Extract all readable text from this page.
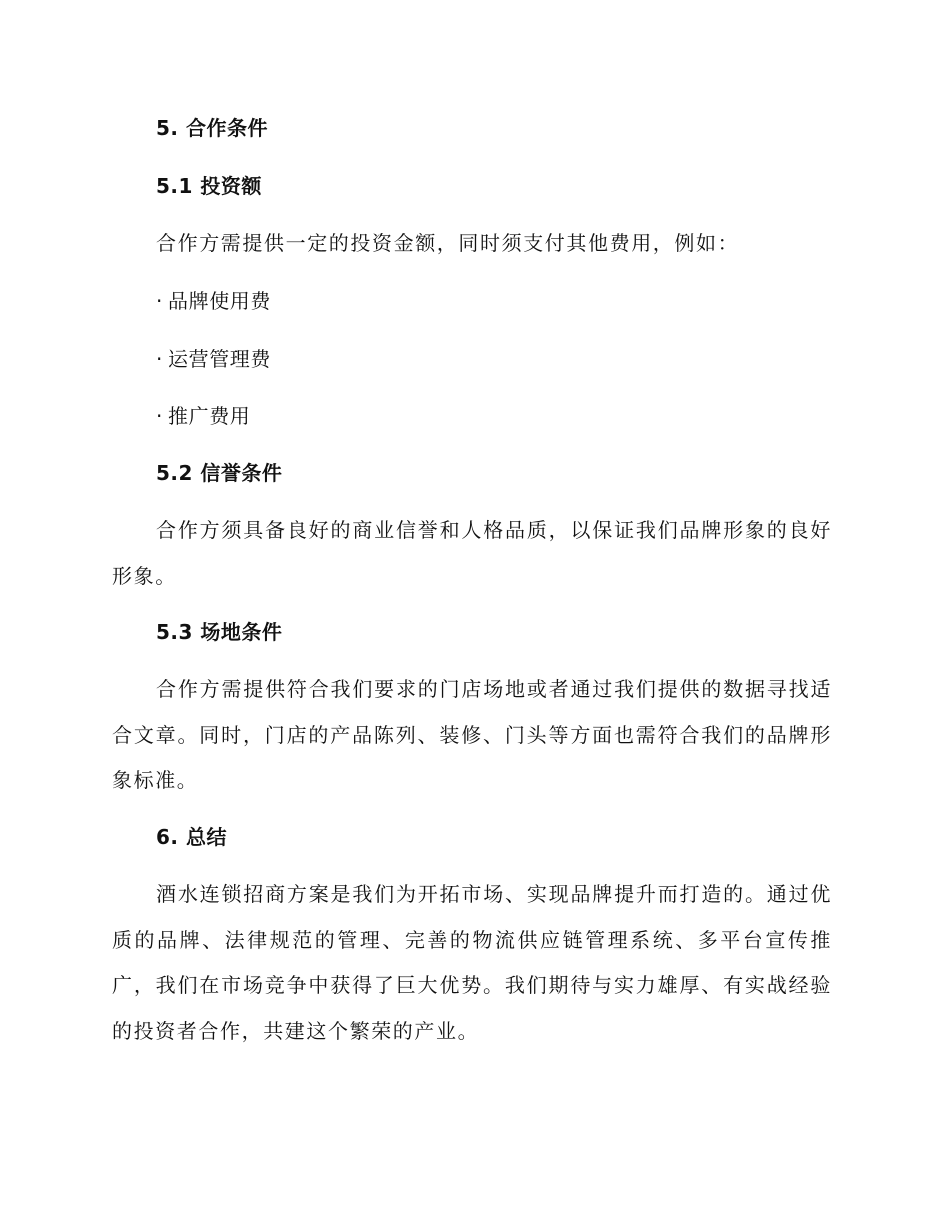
5. 合作条件
5.1 投资额

合作方需提供一定的投资金额，同时须支付其他费用，例如：

· 品牌使用费
· 运营管理费
· 推广费用
5.2 信誉条件

合作方须具备良好的商业信誉和人格品质，以保证我们品牌形象的良好形象。

5.3 场地条件

合作方需提供符合我们要求的门店场地或者通过我们提供的数据寻找适合文章。同时，门店的产品陈列、装修、门头等方面也需符合我们的品牌形象标准。

6. 总结

酒水连锁招商方案是我们为开拓市场、实现品牌提升而打造的。通过优质的品牌、法律规范的管理、完善的物流供应链管理系统、多平台宣传推广，我们在市场竞争中获得了巨大优势。我们期待与实力雄厚、有实战经验的投资者合作，共建这个繁荣的产业。
